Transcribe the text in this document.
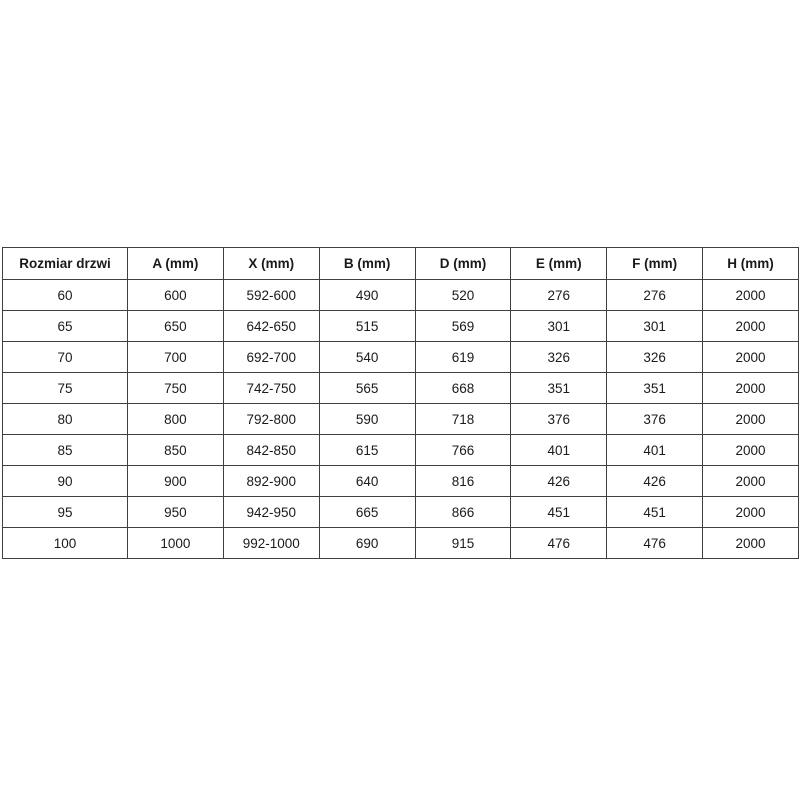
Rozmiar drzwi	A (mm)	X (mm)	B (mm)	D (mm)	E (mm)	F (mm)	H (mm)
60	600	592-600	490	520	276	276	2000
65	650	642-650	515	569	301	301	2000
70	700	692-700	540	619	326	326	2000
75	750	742-750	565	668	351	351	2000
80	800	792-800	590	718	376	376	2000
85	850	842-850	615	766	401	401	2000
90	900	892-900	640	816	426	426	2000
95	950	942-950	665	866	451	451	2000
100	1000	992-1000	690	915	476	476	2000
